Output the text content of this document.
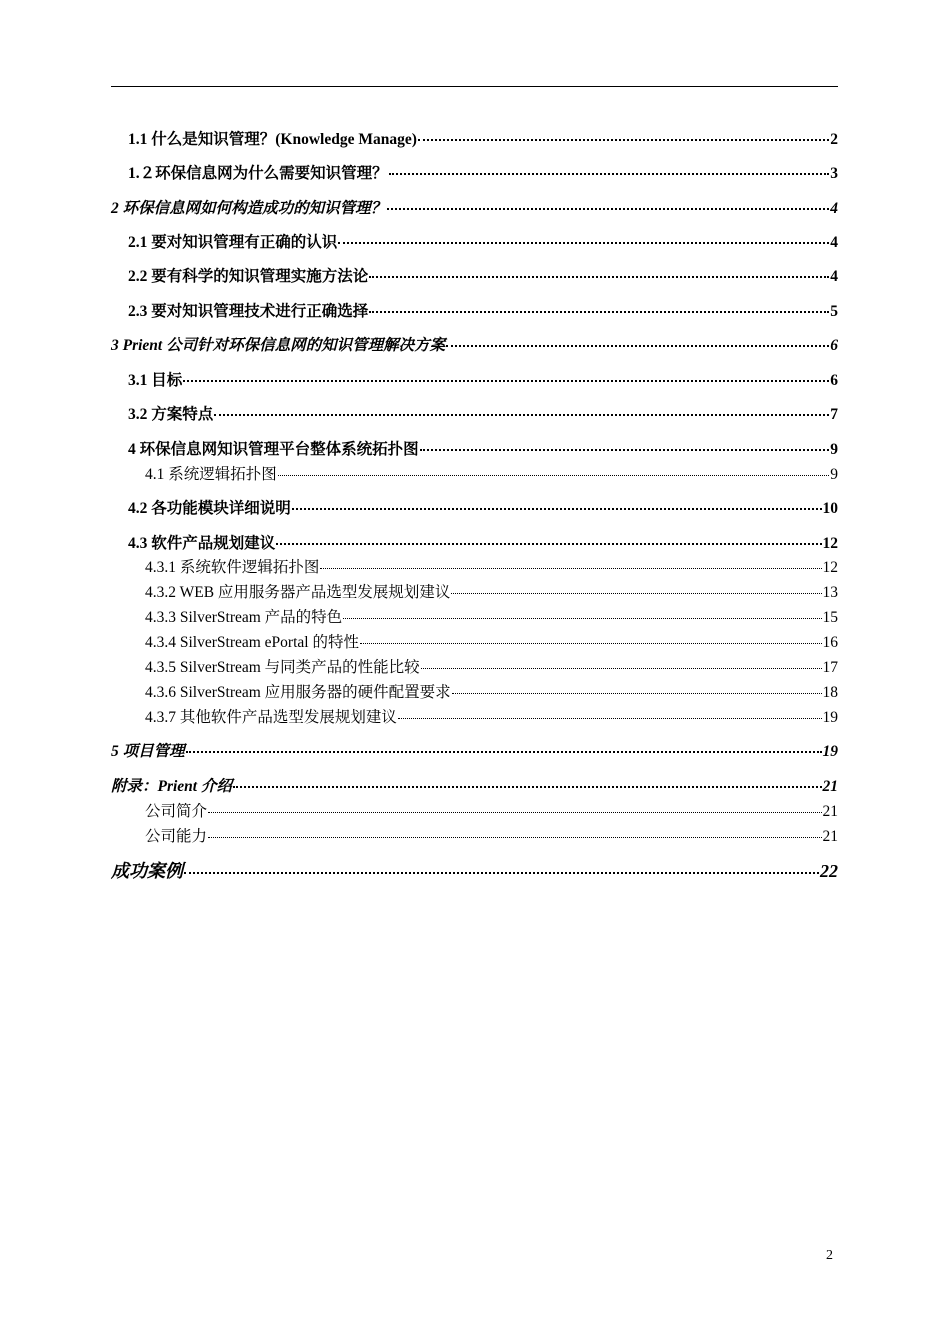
1.1 什么是知识管理？(Knowledge Manage)	2
1.２环保信息网为什么需要知识管理？	3
2 环保信息网如何构造成功的知识管理？	4
2.1 要对知识管理有正确的认识	4
2.2 要有科学的知识管理实施方法论	4
2.3 要对知识管理技术进行正确选择	5
3 Prient 公司针对环保信息网的知识管理解决方案	6
3.1 目标	6
3.2 方案特点	7
4 环保信息网知识管理平台整体系统拓扑图	9
4.1 系统逻辑拓扑图	9
4.2 各功能模块详细说明	10
4.3 软件产品规划建议	12
4.3.1 系统软件逻辑拓扑图	12
4.3.2 WEB 应用服务器产品选型发展规划建议	13
4.3.3 SilverStream 产品的特色	15
4.3.4 SilverStream ePortal 的特性	16
4.3.5 SilverStream 与同类产品的性能比较	17
4.3.6 SilverStream 应用服务器的硬件配置要求	18
4.3.7 其他软件产品选型发展规划建议	19
5 项目管理	19
附录：Prient 介绍	21
公司简介	21
公司能力	21
成功案例	22
2
